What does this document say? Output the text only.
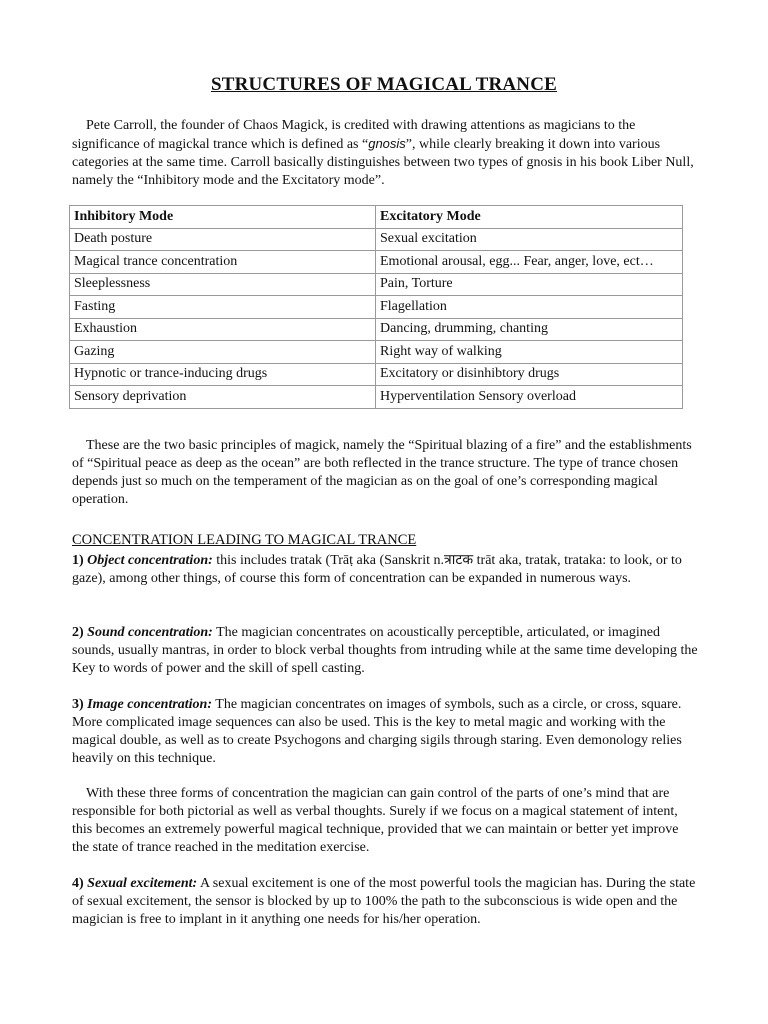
STRUCTURES OF MAGICAL TRANCE

Pete Carroll, the founder of Chaos Magick, is credited with drawing attentions as magicians to the significance of magickal trance which is defined as “gnosis”, while clearly breaking it down into various categories at the same time. Carroll basically distinguishes between two types of gnosis in his book Liber Null, namely the “Inhibitory mode and the Excitatory mode”.

Inhibitory Mode	Excitatory Mode
Death posture	Sexual excitation
Magical trance concentration	Emotional arousal, egg... Fear, anger, love, ect…
Sleeplessness	Pain, Torture
Fasting	Flagellation
Exhaustion	Dancing, drumming, chanting
Gazing	Right way of walking
Hypnotic or trance-inducing drugs	Excitatory or disinhibtory drugs
Sensory deprivation	Hyperventilation Sensory overload

These are the two basic principles of magick, namely the “Spiritual blazing of a fire” and the establishments of “Spiritual peace as deep as the ocean” are both reflected in the trance structure. The type of trance chosen depends just so much on the temperament of the magician as on the goal of one’s corresponding magical operation.

CONCENTRATION LEADING TO MAGICAL TRANCE

1) Object concentration: this includes tratak (Trāṭ aka (Sanskrit n.त्राटक trāt aka, tratak, trataka: to look, or to gaze), among other things, of course this form of concentration can be expanded in numerous ways.

2) Sound concentration: The magician concentrates on acoustically perceptible, articulated, or imagined sounds, usually mantras, in order to block verbal thoughts from intruding while at the same time developing the Key to words of power and the skill of spell casting.

3) Image concentration: The magician concentrates on images of symbols, such as a circle, or cross, square. More complicated image sequences can also be used. This is the key to metal magic and working with the magical double, as well as to create Psychogons and charging sigils through staring. Even demonology relies heavily on this technique.

With these three forms of concentration the magician can gain control of the parts of one’s mind that are responsible for both pictorial as well as verbal thoughts. Surely if we focus on a magical statement of intent, this becomes an extremely powerful magical technique, provided that we can maintain or better yet improve the state of trance reached in the meditation exercise.

4) Sexual excitement: A sexual excitement is one of the most powerful tools the magician has. During the state of sexual excitement, the sensor is blocked by up to 100% the path to the subconscious is wide open and the magician is free to implant in it anything one needs for his/her operation.
